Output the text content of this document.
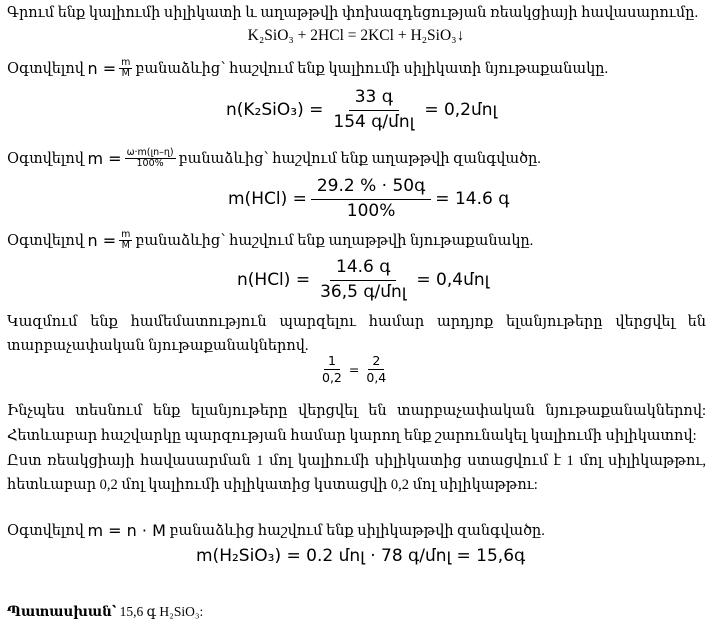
Գրում ենք կալիումի սիլիկատի և աղաթթվի փոխազդեցության ռեակցիայի հավասարումը.
K₂SiO₃ + 2HCl = 2KCl + H₂SiO₃↓
Օգտվելով
$n = \frac{m}{M}$ բանաձևից՝ հաշվում ենք կալիումի սիլիկատի նյութաքանակը.
$n(K_2SiO_3) = \frac{\text{33 գ}}{\text{154 գ/մոլ}}$ = 0,2մոլ
Օգտվելով
$m = \frac{\text{ω·m(լո–ղ)}}{100\%}$ բանաձևից՝ հաշվում ենք աղաթթվի զանգվածը.
$m(HCl) = \frac{\text{29.2 \% · 50գ}}{100\%} = 14.6$ գ
Օգտվելով
$n = \frac{m}{M}$ բանաձևից՝ հաշվում ենք աղաթթվի նյութաքանակը.
$n(HCl) = \frac{\text{14.6 գ}}{\text{36,5 գ/մոլ}}$ = 0,4մոլ
Կազմում ենք համեմատություն պարզելու համար արդյոք ելանյութերը վերցվել են
տարբաչափական նյութաքանակներով.
$\frac{1}{0,2} = \frac{2}{0,4}$
Ինչպես տեսնում ենք ելանյութերը վերցվել են տարբաչափական նյութաքանակներով:
Հետևաբար հաշվարկը պարզության համար կարող ենք շարունակել կալիումի սիլիկատով:
Ըստ ռեակցիայի հավասարման 1 մոլ կալիումի սիլիկատից ստացվում է 1 մոլ սիլիկաթթու,
հետևաբար 0,2 մոլ կալիումի սիլիկատից կստացվի 0,2 մոլ սիլիկաթթու:
Օգտվելով
m = n · M
բանաձևից հաշվում ենք սիլիկաթթվի զանգվածը.
m(H₂SiO₃) = 0.2 մոլ · 78 գ/մոլ = 15,6գ
Պատասխան՝ 15,6 գ H₂SiO₃:
